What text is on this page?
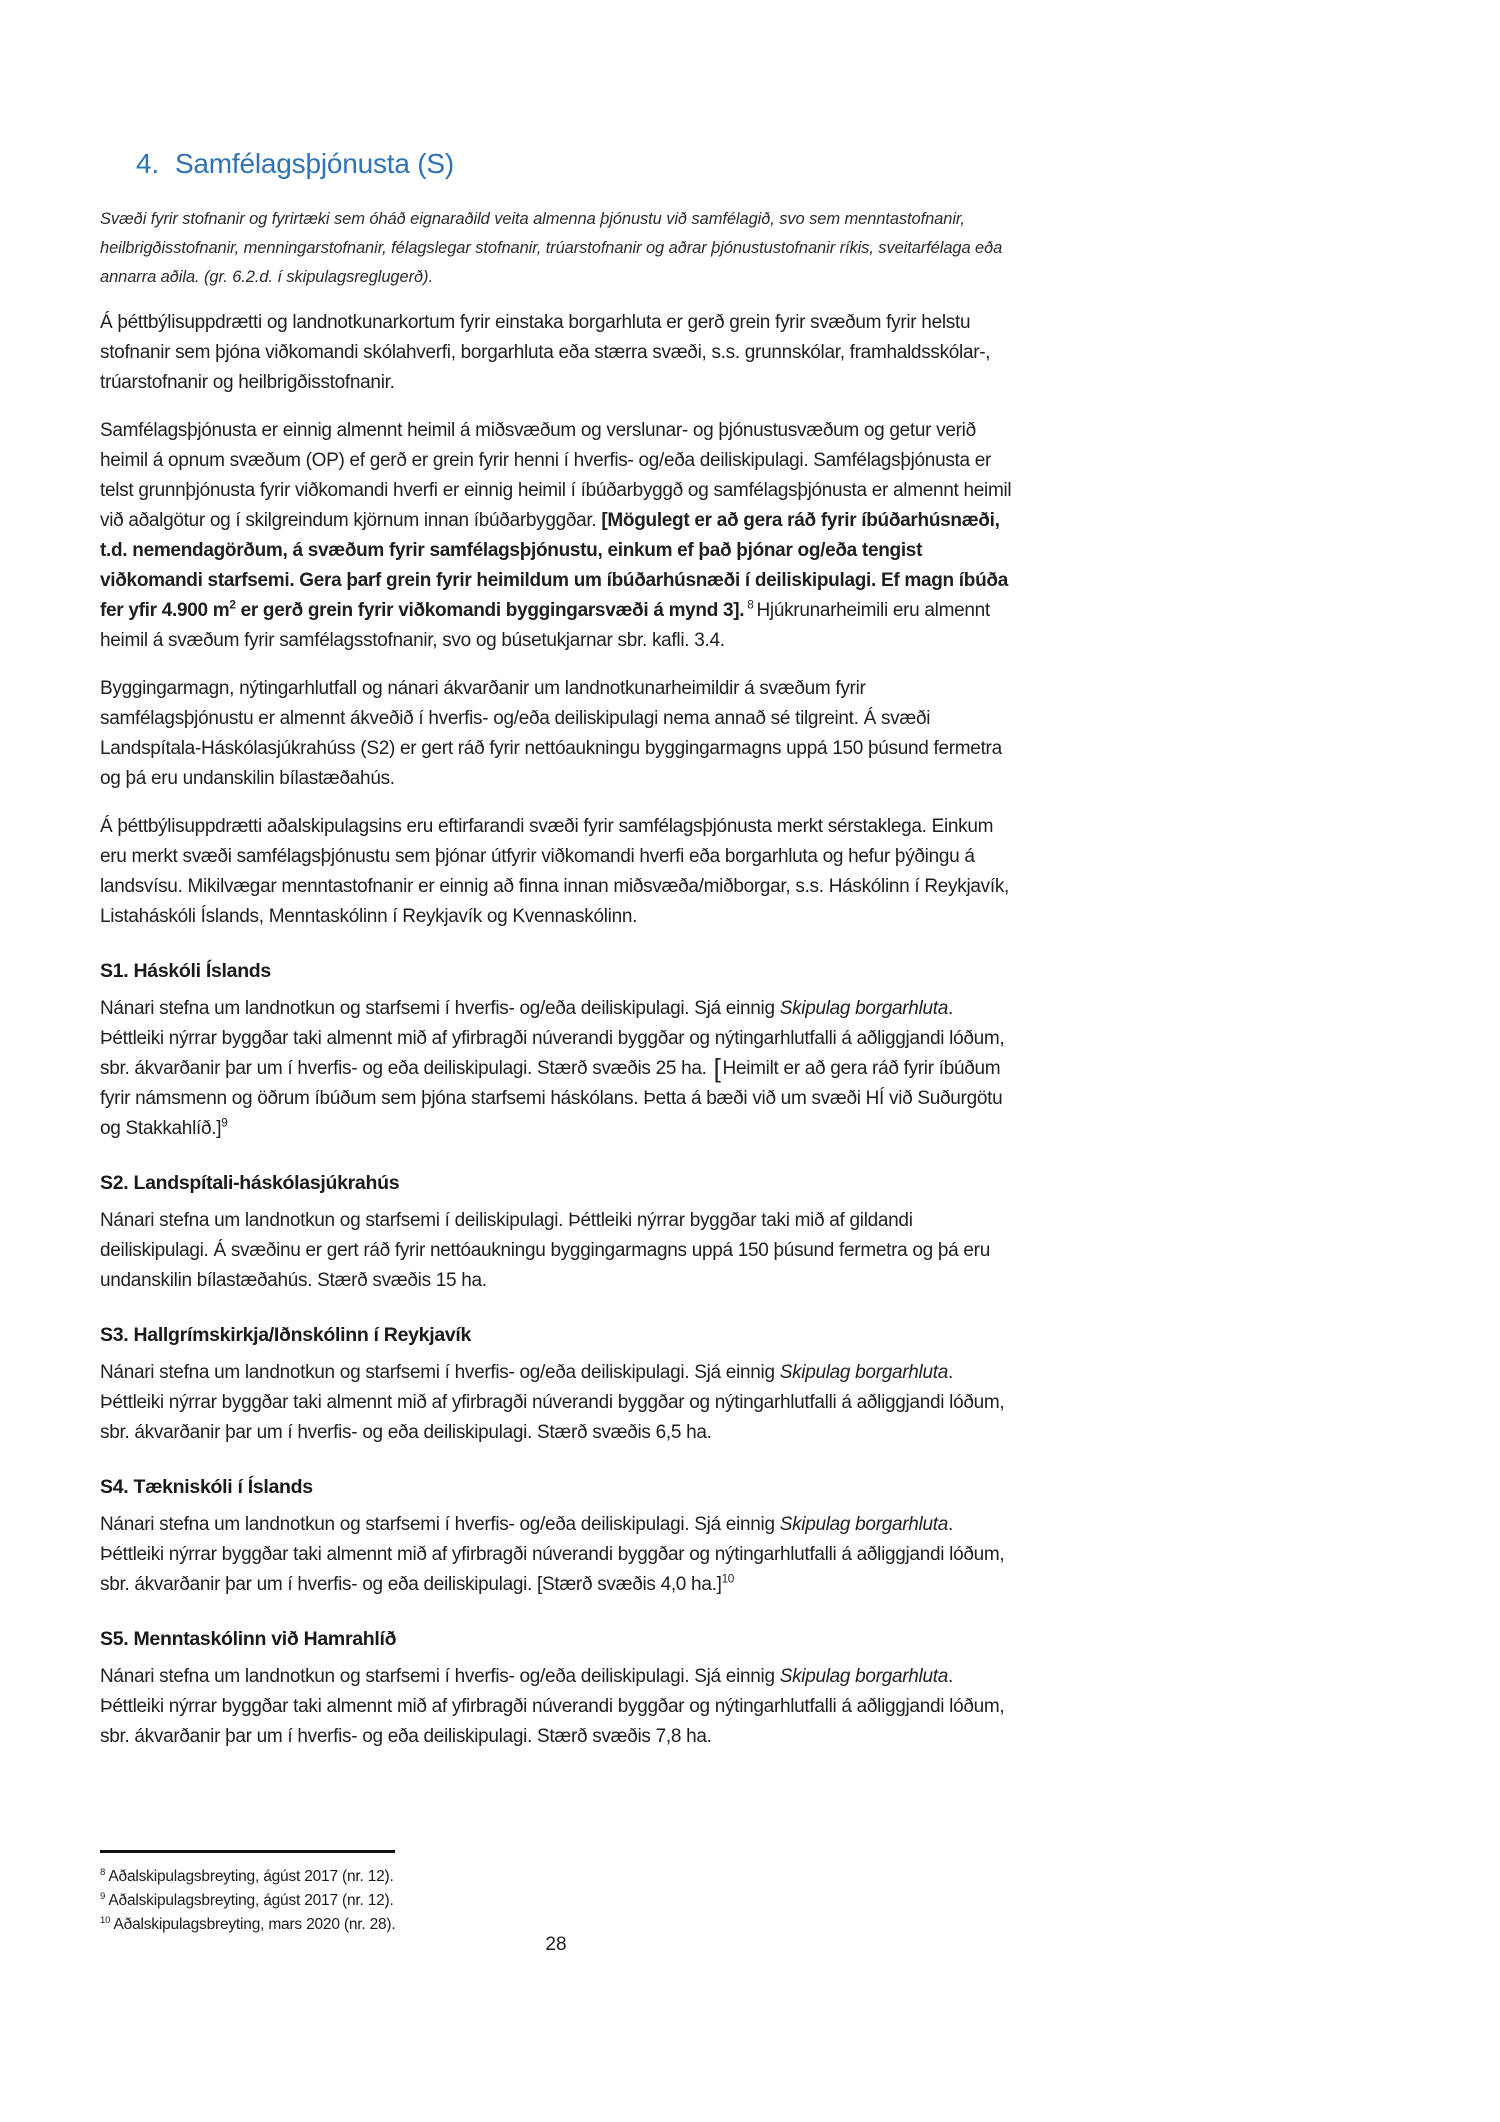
4. Samfélagsþjónusta (S)

Svæði fyrir stofnanir og fyrirtæki sem óháð eignaraðild veita almenna þjónustu við samfélagið, svo sem menntastofnanir, heilbrigðisstofnanir, menningarstofnanir, félagslegar stofnanir, trúarstofnanir og aðrar þjónustustofnanir ríkis, sveitarfélaga eða annarra aðila. (gr. 6.2.d. í skipulagsreglugerð).

Á þéttbýlisuppdrætti og landnotkunarkortum fyrir einstaka borgarhluta er gerð grein fyrir svæðum fyrir helstu stofnanir sem þjóna viðkomandi skólahverfi, borgarhluta eða stærra svæði, s.s. grunnskólar, framhaldsskólar-, trúarstofnanir og heilbrigðisstofnanir.

Samfélagsþjónusta er einnig almennt heimil á miðsvæðum og verslunar- og þjónustusvæðum og getur verið heimil á opnum svæðum (OP) ef gerð er grein fyrir henni í hverfis- og/eða deiliskipulagi. Samfélagsþjónusta er telst grunnþjónusta fyrir viðkomandi hverfi er einnig heimil í íbúðarbyggð og samfélagsþjónusta er almennt heimil við aðalgötur og í skilgreindum kjörnum innan íbúðarbyggðar. [Mögulegt er að gera ráð fyrir íbúðarhúsnæði, t.d. nemendagörðum, á svæðum fyrir samfélagsþjónustu, einkum ef það þjónar og/eða tengist viðkomandi starfsemi. Gera þarf grein fyrir heimildum um íbúðarhúsnæði í deiliskipulagi. Ef magn íbúða fer yfir 4.900 $m^2$ er gerð grein fyrir viðkomandi byggingarsvæði á mynd 3]. $^8$ Hjúkrunarheimili eru almennt heimil á svæðum fyrir samfélagsstofnanir, svo og búsetukjarnar sbr. kafli. 3.4.

Byggingarmagn, nýtingarhlutfall og nánari ákvarðanir um landnotkunarheimildir á svæðum fyrir samfélagsþjónustu er almennt ákveðið í hverfis- og/eða deiliskipulagi nema annað sé tilgreint. Á svæði Landspítala-Háskólasjúkrahúss (S2) er gert ráð fyrir nettóaukningu byggingarmagns uppá 150 þúsund fermetra og þá eru undanskilin bílastæðahús.

Á þéttbýlisuppdrætti aðalskipulagsins eru eftirfarandi svæði fyrir samfélagsþjónusta merkt sérstaklega. Einkum eru merkt svæði samfélagsþjónustu sem þjónar útfyrir viðkomandi hverfi eða borgarhluta og hefur þýðingu á landsvísu. Mikilvægar menntastofnanir er einnig að finna innan miðsvæða/miðborgar, s.s. Háskólinn í Reykjavík, Listaháskóli Íslands, Menntaskólinn í Reykjavík og Kvennaskólinn.

S1. Háskóli Íslands

Nánari stefna um landnotkun og starfsemi í hverfis- og/eða deiliskipulagi. Sjá einnig Skipulag borgarhluta. Þéttleiki nýrrar byggðar taki almennt mið af yfirbragði núverandi byggðar og nýtingarhlutfalli á aðliggjandi lóðum, sbr. ákvarðanir þar um í hverfis- og eða deiliskipulagi. Stærð svæðis 25 ha. [ Heimilt er að gera ráð fyrir íbúðum fyrir námsmenn og öðrum íbúðum sem þjóna starfsemi háskólans. Þetta á bæði við um svæði HÍ við Suðurgötu og Stakkahlíð.]$^9$

S2. Landspítali-háskólasjúkrahús

Nánari stefna um landnotkun og starfsemi í deiliskipulagi. Þéttleiki nýrrar byggðar taki mið af gildandi deiliskipulagi. Á svæðinu er gert ráð fyrir nettóaukningu byggingarmagns uppá 150 þúsund fermetra og þá eru undanskilin bílastæðahús. Stærð svæðis 15 ha.

S3. Hallgrímskirkja/Iðnskólinn í Reykjavík

Nánari stefna um landnotkun og starfsemi í hverfis- og/eða deiliskipulagi. Sjá einnig Skipulag borgarhluta. Þéttleiki nýrrar byggðar taki almennt mið af yfirbragði núverandi byggðar og nýtingarhlutfalli á aðliggjandi lóðum, sbr. ákvarðanir þar um í hverfis- og eða deiliskipulagi. Stærð svæðis 6,5 ha.

S4. Tækniskóli í Íslands

Nánari stefna um landnotkun og starfsemi í hverfis- og/eða deiliskipulagi. Sjá einnig Skipulag borgarhluta. Þéttleiki nýrrar byggðar taki almennt mið af yfirbragði núverandi byggðar og nýtingarhlutfalli á aðliggjandi lóðum, sbr. ákvarðanir þar um í hverfis- og eða deiliskipulagi. [Stærð svæðis 4,0 ha.]$^{10}$

S5. Menntaskólinn við Hamrahlíð

Nánari stefna um landnotkun og starfsemi í hverfis- og/eða deiliskipulagi. Sjá einnig Skipulag borgarhluta. Þéttleiki nýrrar byggðar taki almennt mið af yfirbragði núverandi byggðar og nýtingarhlutfalli á aðliggjandi lóðum, sbr. ákvarðanir þar um í hverfis- og eða deiliskipulagi. Stærð svæðis 7,8 ha.

$^8$ Aðalskipulagsbreyting, ágúst 2017 (nr. 12).
$^9$ Aðalskipulagsbreyting, ágúst 2017 (nr. 12).
$^{10}$ Aðalskipulagsbreyting, mars 2020 (nr. 28).
28
